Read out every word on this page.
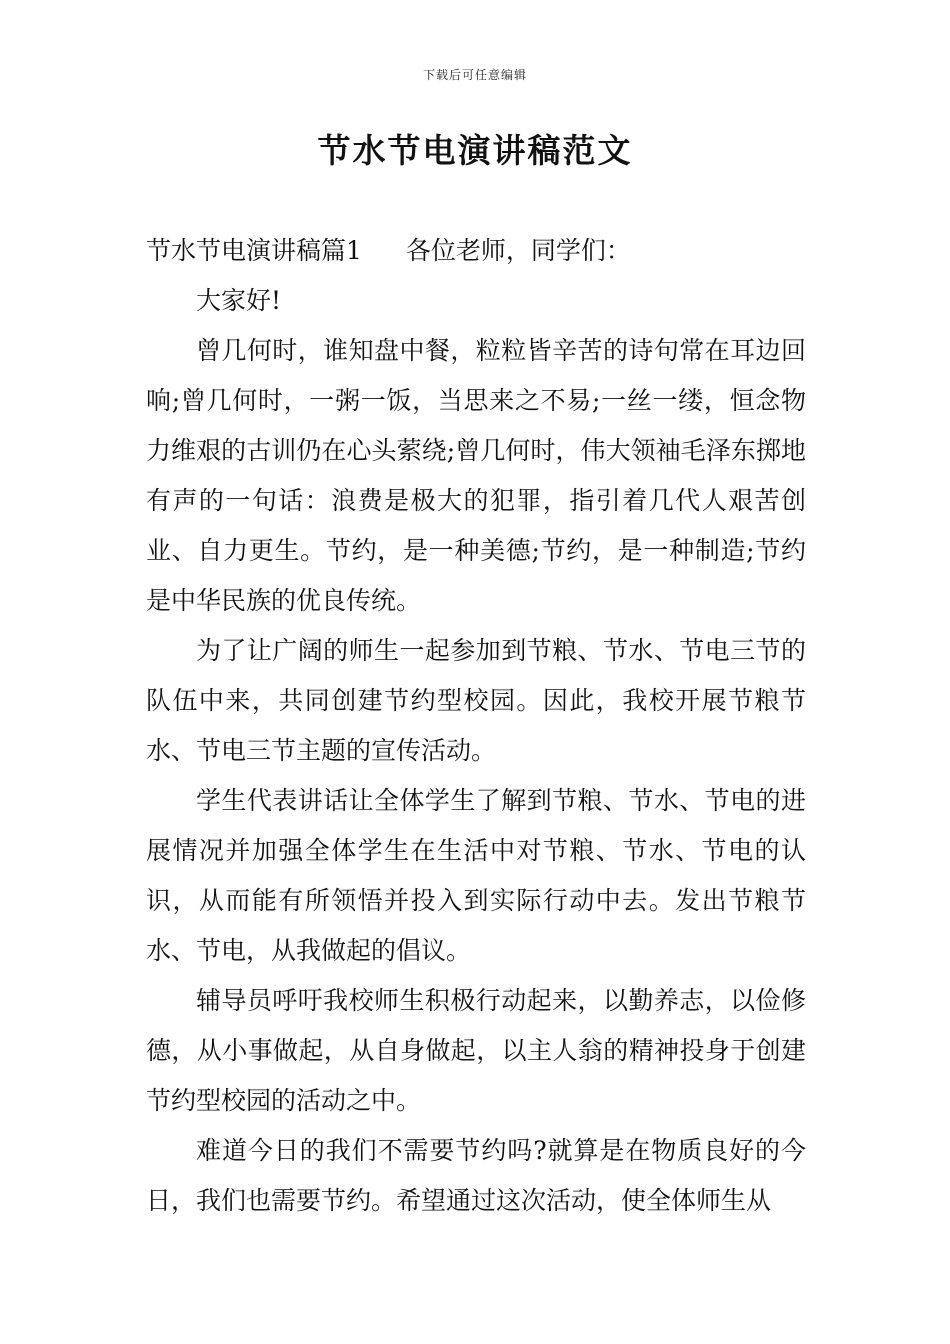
下载后可任意编辑
节水节电演讲稿范文

节水节电演讲稿篇1 各位老师，同学们：

大家好!

曾几何时，谁知盘中餐，粒粒皆辛苦的诗句常在耳边回响;曾几何时，一粥一饭，当思来之不易;一丝一缕，恒念物力维艰的古训仍在心头萦绕;曾几何时，伟大领袖毛泽东掷地有声的一句话：浪费是极大的犯罪，指引着几代人艰苦创业、自力更生。节约，是一种美德;节约，是一种制造;节约是中华民族的优良传统。

为了让广阔的师生一起参加到节粮、节水、节电三节的队伍中来，共同创建节约型校园。因此，我校开展节粮节水、节电三节主题的宣传活动。

学生代表讲话让全体学生了解到节粮、节水、节电的进展情况并加强全体学生在生活中对节粮、节水、节电的认识，从而能有所领悟并投入到实际行动中去。发出节粮节水、节电，从我做起的倡议。

辅导员呼吁我校师生积极行动起来，以勤养志，以俭修德，从小事做起，从自身做起，以主人翁的精神投身于创建节约型校园的活动之中。

难道今日的我们不需要节约吗?就算是在物质良好的今日，我们也需要节约。希望通过这次活动，使全体师生从
